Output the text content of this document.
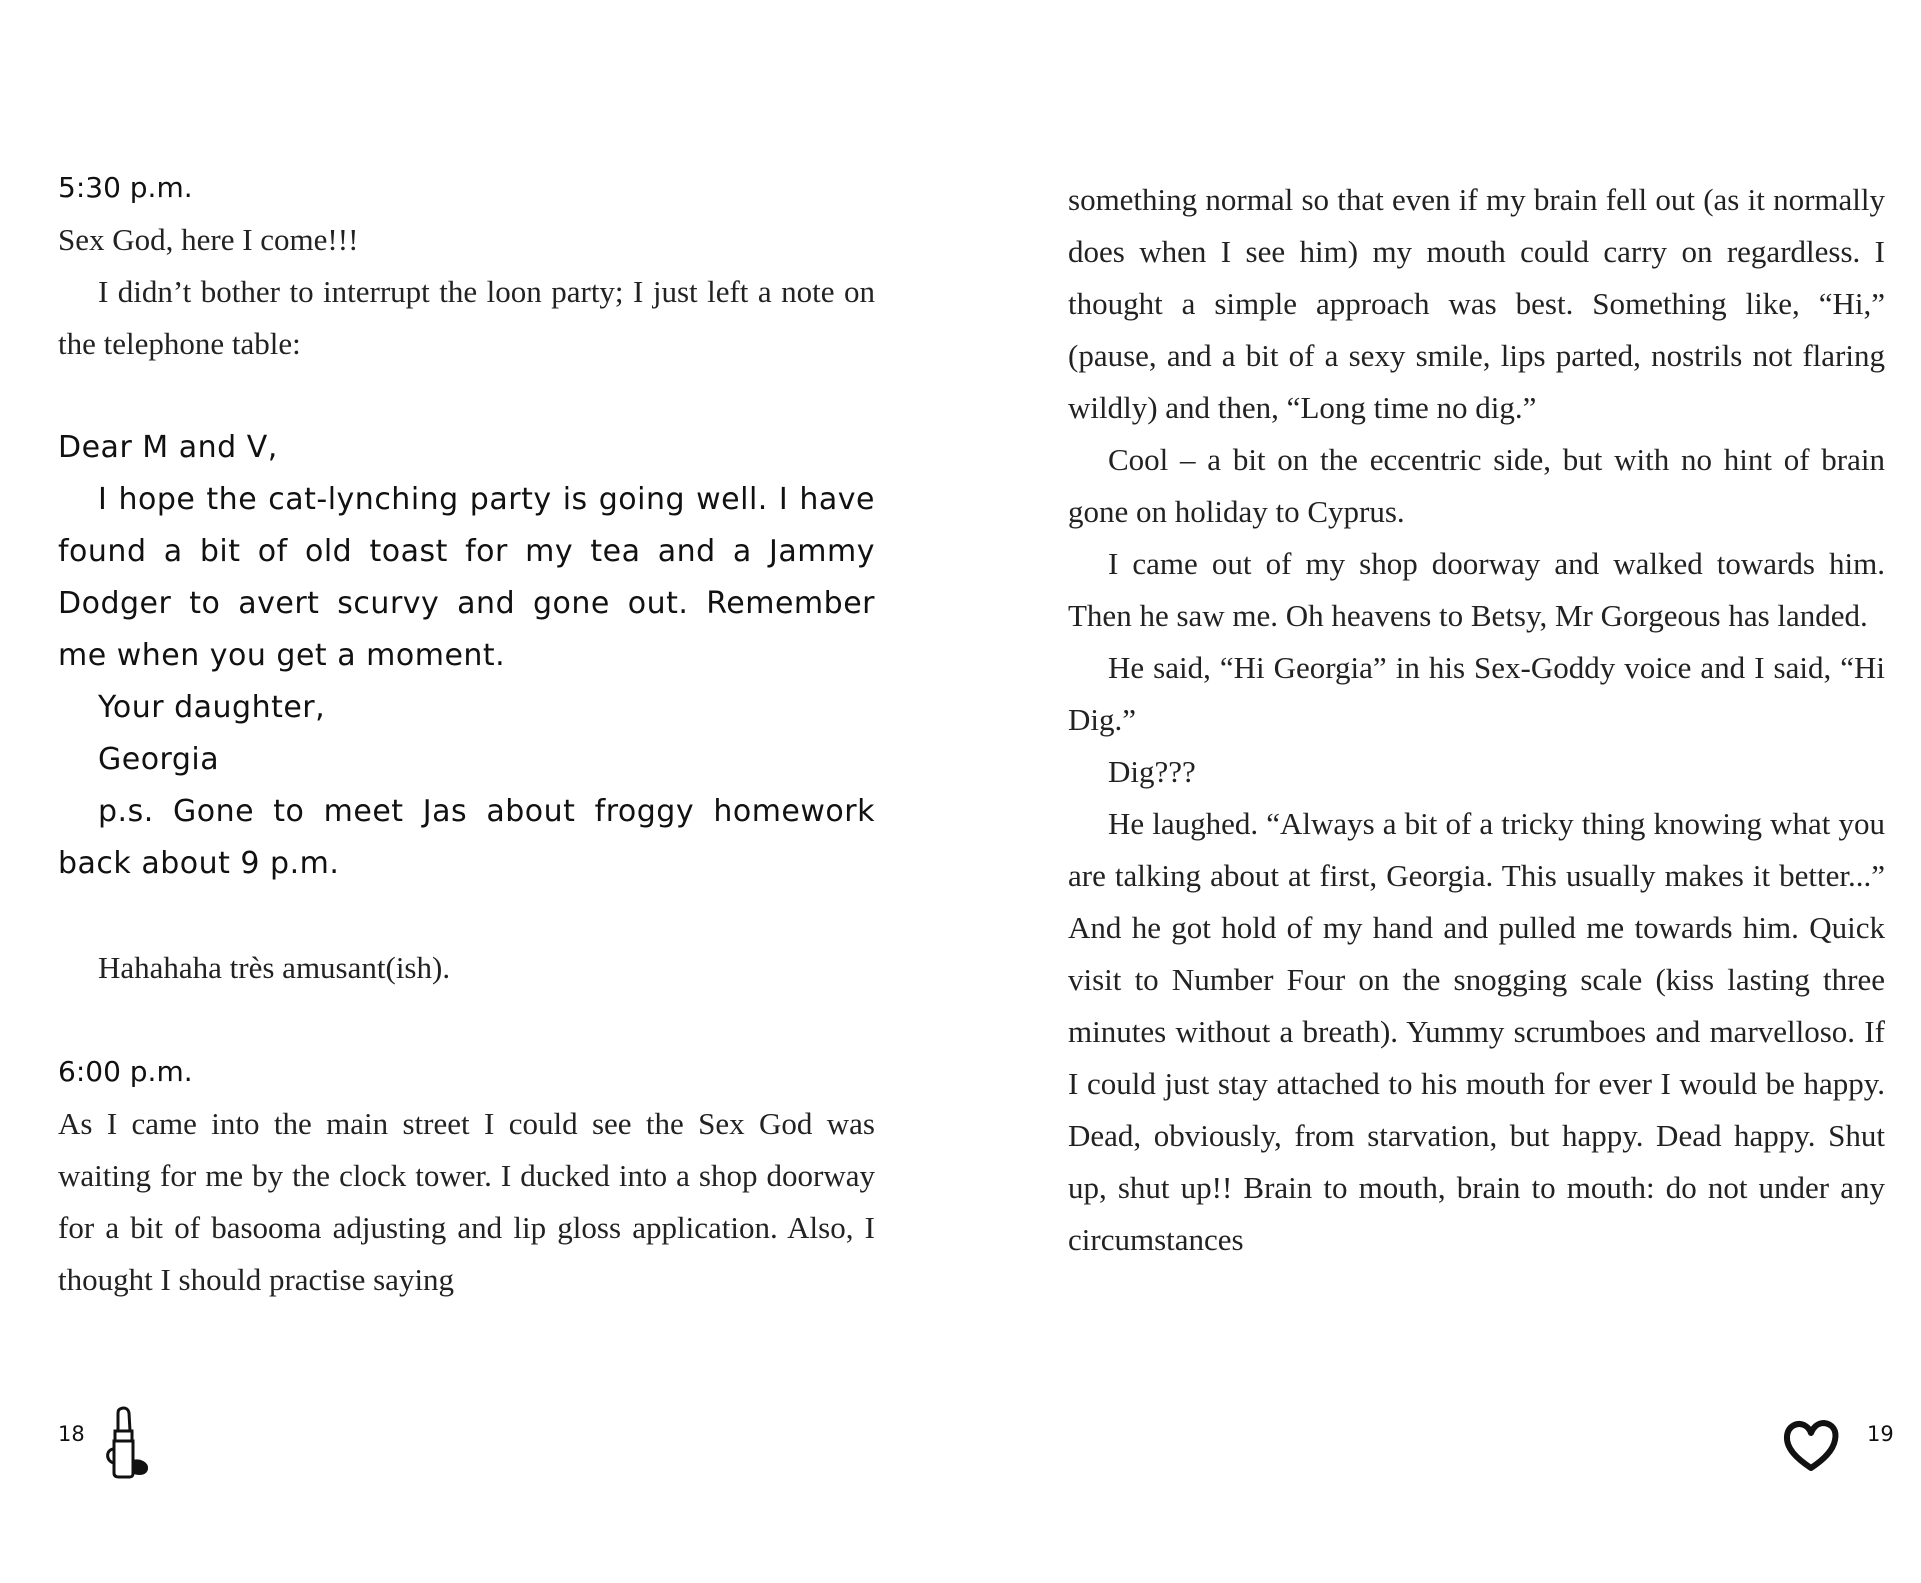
5:30 p.m.

Sex God, here I come!!!

I didn’t bother to interrupt the loon party; I just left a note on the telephone table:

Dear M and V,

I hope the cat-lynching party is going well. I have found a bit of old toast for my tea and a Jammy Dodger to avert scurvy and gone out. Remember me when you get a moment.

Your daughter,

Georgia

p.s. Gone to meet Jas about froggy homework back about 9 p.m.

Hahahaha très amusant(ish).

6:00 p.m.

As I came into the main street I could see the Sex God was waiting for me by the clock tower. I ducked into a shop doorway for a bit of basooma adjusting and lip gloss application. Also, I thought I should practise saying

18

something normal so that even if my brain fell out (as it normally does when I see him) my mouth could carry on regardless. I thought a simple approach was best. Something like, “Hi,” (pause, and a bit of a sexy smile, lips parted, nostrils not flaring wildly) and then, “Long time no dig.”

Cool – a bit on the eccentric side, but with no hint of brain gone on holiday to Cyprus.

I came out of my shop doorway and walked towards him. Then he saw me. Oh heavens to Betsy, Mr Gorgeous has landed.

He said, “Hi Georgia” in his Sex-Goddy voice and I said, “Hi Dig.”

Dig???

He laughed. “Always a bit of a tricky thing knowing what you are talking about at first, Georgia. This usually makes it better...” And he got hold of my hand and pulled me towards him. Quick visit to Number Four on the snogging scale (kiss lasting three minutes without a breath). Yummy scrumboes and marvelloso. If I could just stay attached to his mouth for ever I would be happy. Dead, obviously, from starvation, but happy. Dead happy. Shut up, shut up!! Brain to mouth, brain to mouth: do not under any circumstances

19
